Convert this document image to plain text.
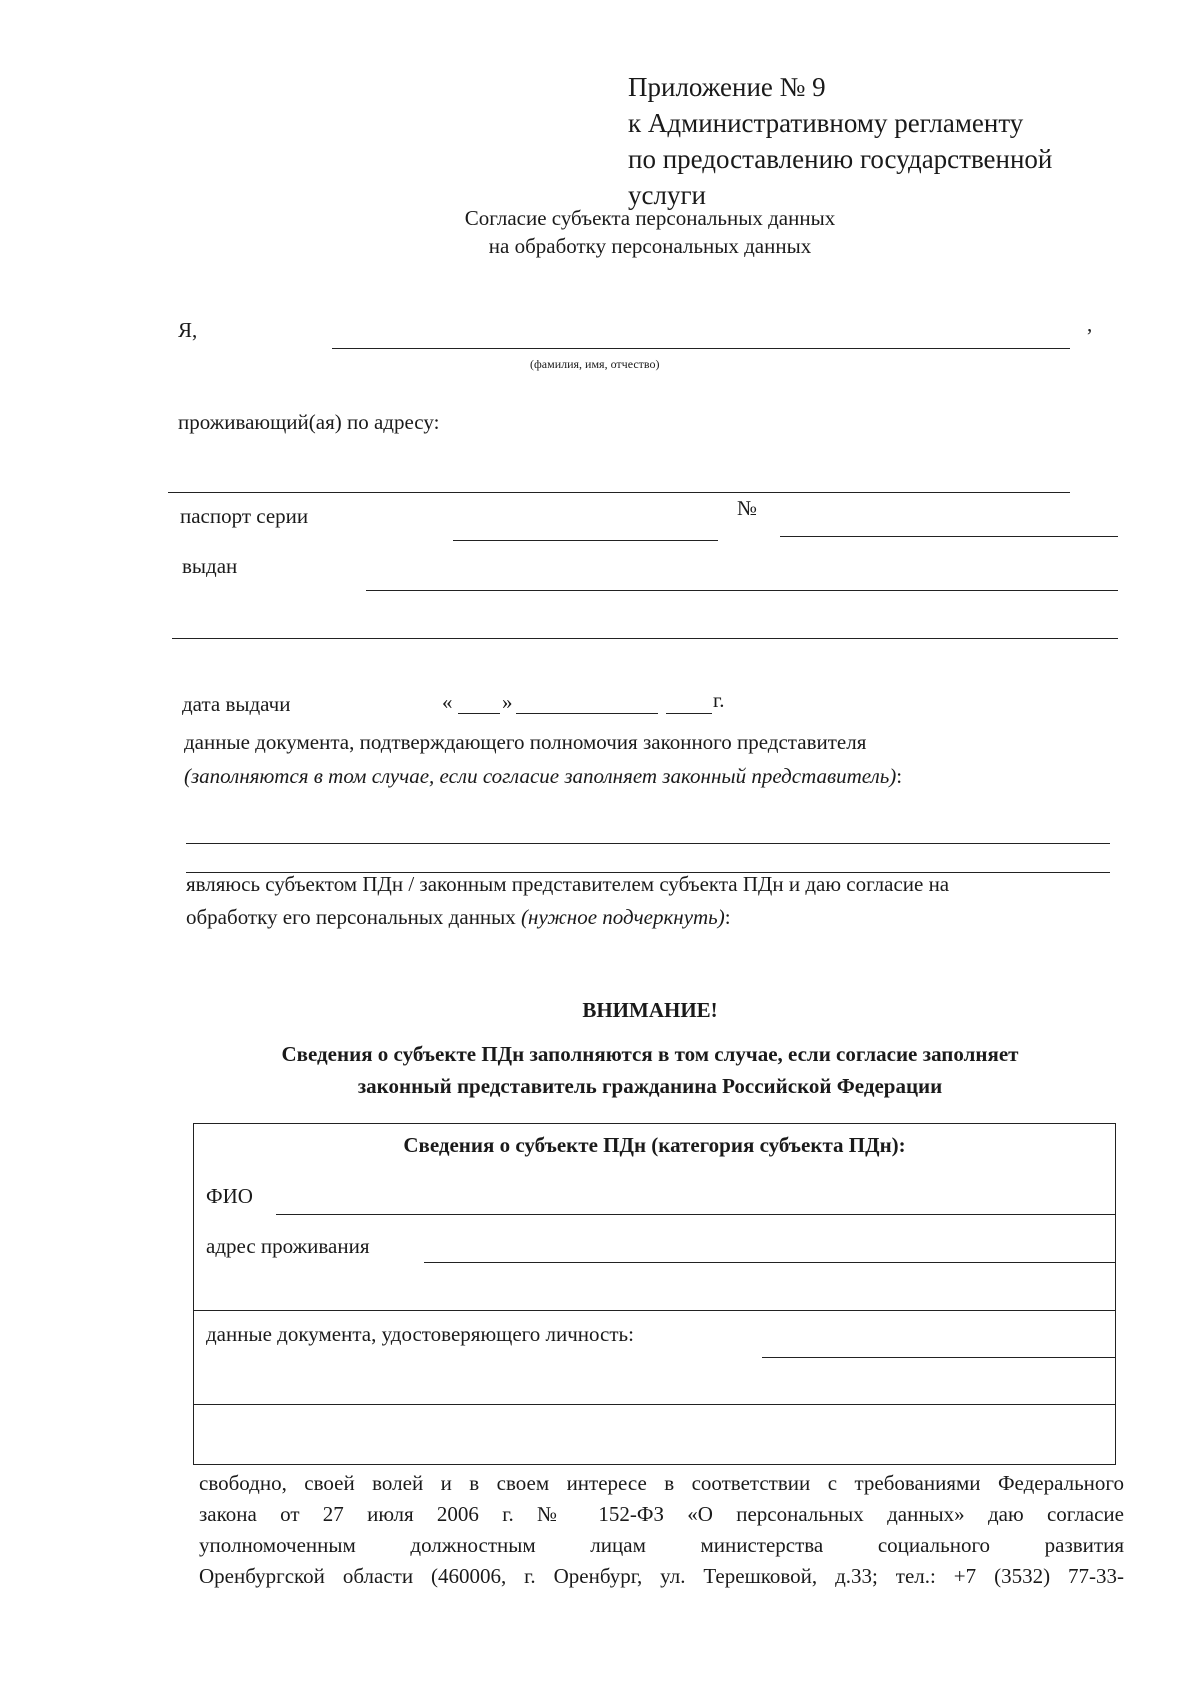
Приложение № 9
к Административному регламенту
по предоставлению государственной
услуги
Согласие субъекта персональных данных
на обработку персональных данных
Я,	,
(фамилия, имя, отчество)
проживающий(ая) по адресу:
паспорт серии	№
выдан
дата выдачи	« »	г.
данные документа, подтверждающего полномочия законного представителя
(заполняются в том случае, если согласие заполняет законный представитель):
являюсь субъектом ПДн / законным представителем субъекта ПДн и даю согласие на
обработку его персональных данных (нужное подчеркнуть):
ВНИМАНИЕ!
Сведения о субъекте ПДн заполняются в том случае, если согласие заполняет
законный представитель гражданина Российской Федерации
Сведения о субъекте ПДн (категория субъекта ПДн):
ФИО
адрес проживания
данные документа, удостоверяющего личность:
свободно, своей волей и в своем интересе в соответствии с требованиями Федерального
закона от 27 июля 2006 г. № 152-ФЗ «О персональных данных» даю согласие
уполномоченным должностным лицам министерства социального развития
Оренбургской области (460006, г. Оренбург, ул. Терешковой, д.33; тел.: +7 (3532) 77-33-
